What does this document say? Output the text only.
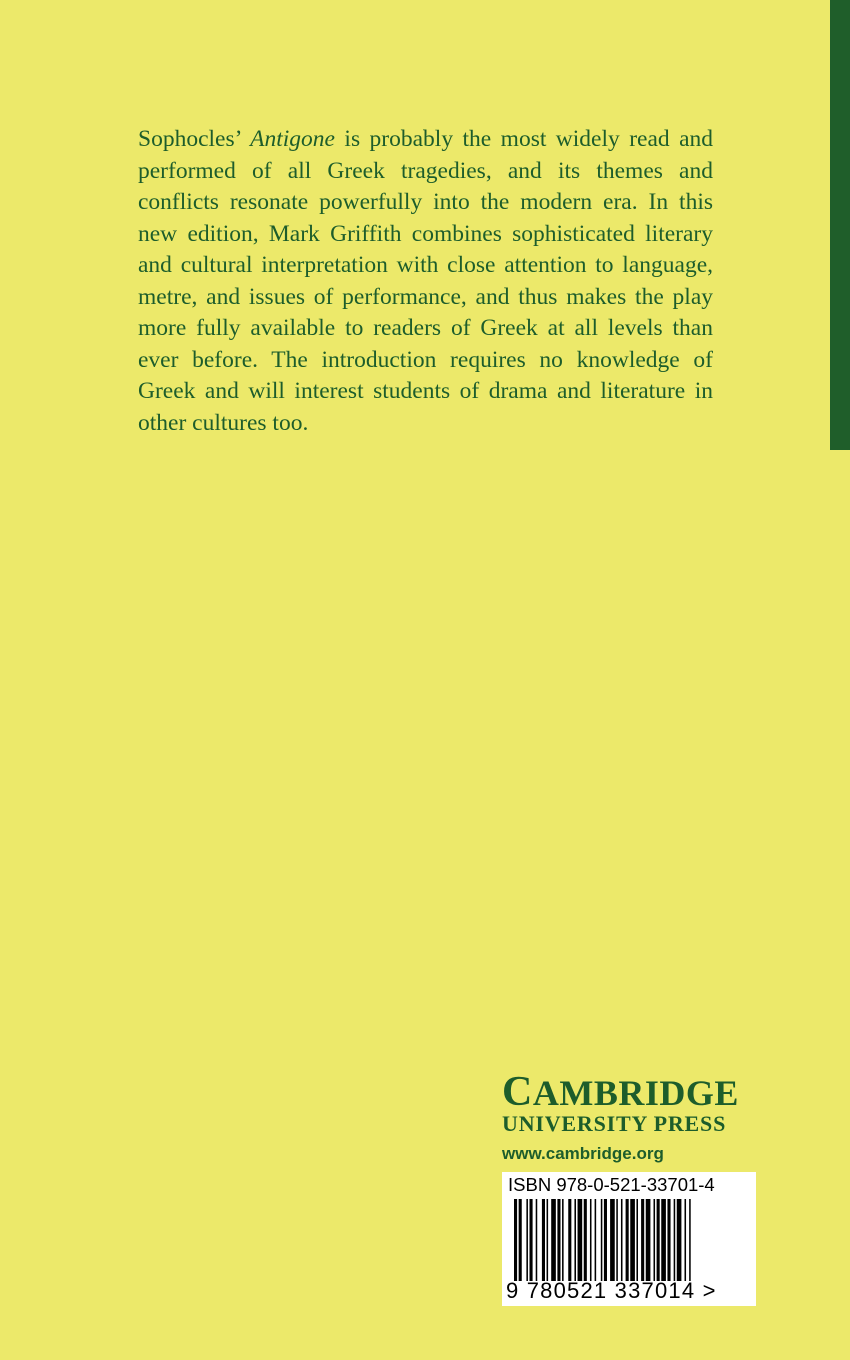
Sophocles’ Antigone is probably the most widely read and performed of all Greek tragedies, and its themes and conflicts resonate powerfully into the modern era. In this new edition, Mark Griffith combines sophisticated literary and cultural interpretation with close attention to language, metre, and issues of performance, and thus makes the play more fully available to readers of Greek at all levels than ever before. The introduction requires no knowledge of Greek and will interest students of drama and literature in other cultures too.

CAMBRIDGE
UNIVERSITY PRESS
www.cambridge.org
ISBN 978-0-521-33701-4
9 780521 337014 >
